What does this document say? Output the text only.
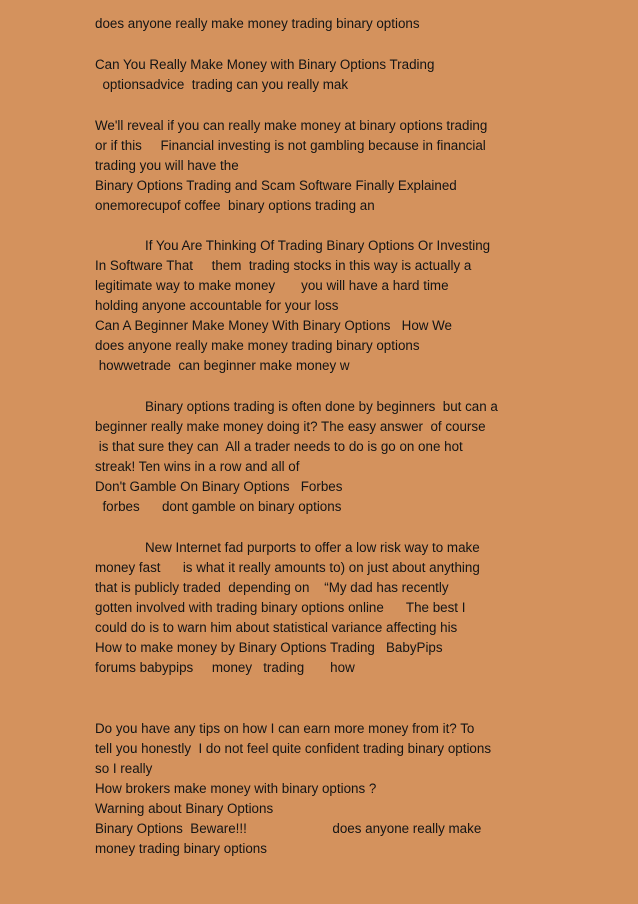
does anyone really make money trading binary options
Can You Really Make Money with Binary Options Trading
optionsadvice  trading can you really mak
We'll reveal if you can really make money at binary options trading
or if this     Financial investing is not gambling because in financial
trading you will have the
Binary Options Trading and Scam Software Finally Explained
onemorecupof coffee  binary options trading an
If You Are Thinking Of Trading Binary Options Or Investing
In Software That     them  trading stocks in this way is actually a
legitimate way to make money       you will have a hard time
holding anyone accountable for your loss
Can A Beginner Make Money With Binary Options   How We
does anyone really make money trading binary options
howwetrade  can beginner make money w
Binary options trading is often done by beginners  but can a
beginner really make money doing it? The easy answer  of course
is that sure they can  All a trader needs to do is go on one hot
streak! Ten wins in a row and all of
Don't Gamble On Binary Options   Forbes
forbes      dont gamble on binary options
New Internet fad purports to offer a low risk way to make
money fast      is what it really amounts to) on just about anything
that is publicly traded  depending on    “My dad has recently
gotten involved with trading binary options online      The best I
could do is to warn him about statistical variance affecting his
How to make money by Binary Options Trading   BabyPips
forums babypips     money   trading       how
Do you have any tips on how I can earn more money from it? To
tell you honestly  I do not feel quite confident trading binary options
so I really
How brokers make money with binary options ?
Warning about Binary Options
Binary Options  Beware!!!                       does anyone really make
money trading binary options
